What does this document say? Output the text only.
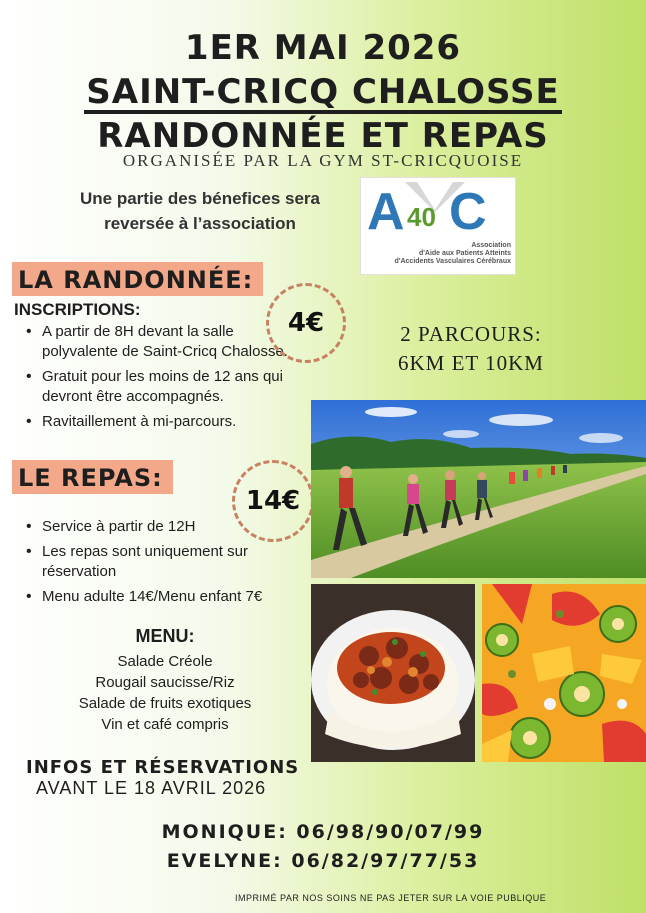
1ER MAI 2026
SAINT-CRICQ CHALOSSE
RANDONNÉE ET REPAS
ORGANISÉE PAR LA GYM ST-CRICQUOISE
Une partie des bénefices sera
reversée à l’association	A 40 C
Association
d'Aide aux Patients Atteints
d'Accidents Vasculaires Cérébraux
LA RANDONNÉE:
INSCRIPTIONS:
• A partir de 8H devant la salle polyvalente de Saint-Cricq Chalosse.
• Gratuit pour les moins de 12 ans qui devront être accompagnés.
• Ravitaillement à mi-parcours.
4€	2 PARCOURS:
6KM ET 10KM
LE REPAS:
14€
• Service à partir de 12H
• Les repas sont uniquement sur réservation
• Menu adulte 14€/Menu enfant 7€
MENU:
Salade Créole
Rougail saucisse/Riz
Salade de fruits exotiques
Vin et café compris
INFOS ET RÉSERVATIONS
AVANT LE 18 AVRIL 2026
MONIQUE: 06/98/90/07/99
EVELYNE: 06/82/97/77/53
IMPRIMÉ PAR NOS SOINS NE PAS JETER SUR LA VOIE PUBLIQUE
